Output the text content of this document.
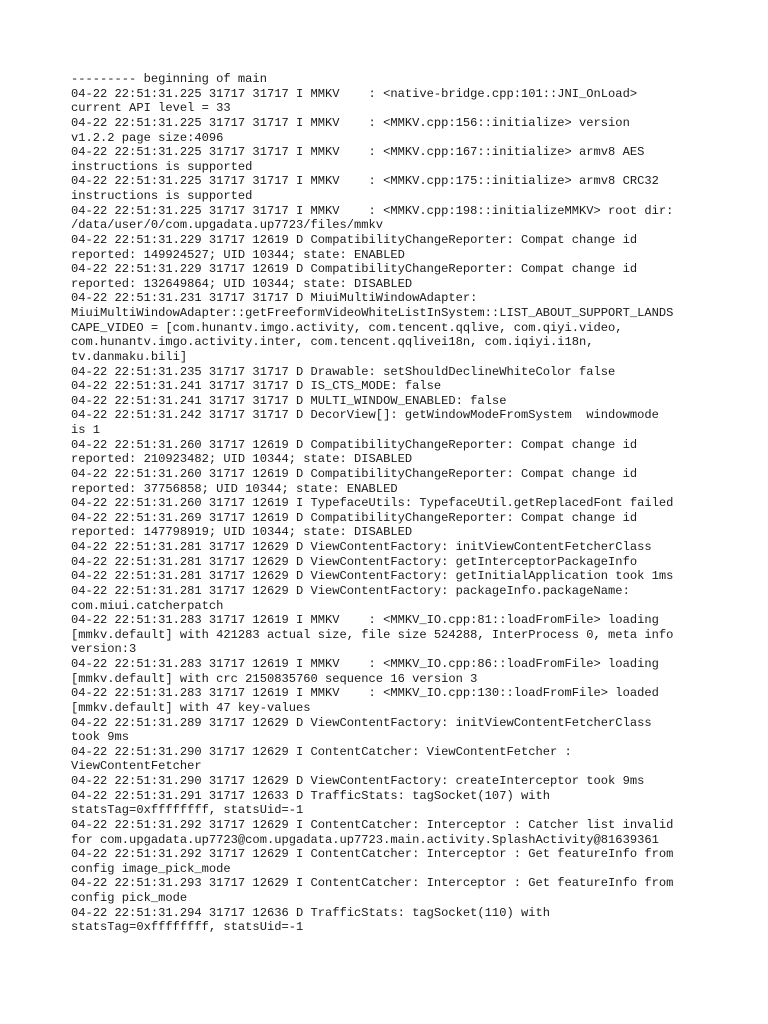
--------- beginning of main
04-22 22:51:31.225 31717 31717 I MMKV    : <native-bridge.cpp:101::JNI_OnLoad>
current API level = 33
04-22 22:51:31.225 31717 31717 I MMKV    : <MMKV.cpp:156::initialize> version
v1.2.2 page size:4096
04-22 22:51:31.225 31717 31717 I MMKV    : <MMKV.cpp:167::initialize> armv8 AES
instructions is supported
04-22 22:51:31.225 31717 31717 I MMKV    : <MMKV.cpp:175::initialize> armv8 CRC32
instructions is supported
04-22 22:51:31.225 31717 31717 I MMKV    : <MMKV.cpp:198::initializeMMKV> root dir:
/data/user/0/com.upgadata.up7723/files/mmkv
04-22 22:51:31.229 31717 12619 D CompatibilityChangeReporter: Compat change id
reported: 149924527; UID 10344; state: ENABLED
04-22 22:51:31.229 31717 12619 D CompatibilityChangeReporter: Compat change id
reported: 132649864; UID 10344; state: DISABLED
04-22 22:51:31.231 31717 31717 D MiuiMultiWindowAdapter:
MiuiMultiWindowAdapter::getFreeformVideoWhiteListInSystem::LIST_ABOUT_SUPPORT_LANDS
CAPE_VIDEO = [com.hunantv.imgo.activity, com.tencent.qqlive, com.qiyi.video,
com.hunantv.imgo.activity.inter, com.tencent.qqlivei18n, com.iqiyi.i18n,
tv.danmaku.bili]
04-22 22:51:31.235 31717 31717 D Drawable: setShouldDeclineWhiteColor false
04-22 22:51:31.241 31717 31717 D IS_CTS_MODE: false
04-22 22:51:31.241 31717 31717 D MULTI_WINDOW_ENABLED: false
04-22 22:51:31.242 31717 31717 D DecorView[]: getWindowModeFromSystem  windowmode
is 1
04-22 22:51:31.260 31717 12619 D CompatibilityChangeReporter: Compat change id
reported: 210923482; UID 10344; state: DISABLED
04-22 22:51:31.260 31717 12619 D CompatibilityChangeReporter: Compat change id
reported: 37756858; UID 10344; state: ENABLED
04-22 22:51:31.260 31717 12619 I TypefaceUtils: TypefaceUtil.getReplacedFont failed
04-22 22:51:31.269 31717 12619 D CompatibilityChangeReporter: Compat change id
reported: 147798919; UID 10344; state: DISABLED
04-22 22:51:31.281 31717 12629 D ViewContentFactory: initViewContentFetcherClass
04-22 22:51:31.281 31717 12629 D ViewContentFactory: getInterceptorPackageInfo
04-22 22:51:31.281 31717 12629 D ViewContentFactory: getInitialApplication took 1ms
04-22 22:51:31.281 31717 12629 D ViewContentFactory: packageInfo.packageName:
com.miui.catcherpatch
04-22 22:51:31.283 31717 12619 I MMKV    : <MMKV_IO.cpp:81::loadFromFile> loading
[mmkv.default] with 421283 actual size, file size 524288, InterProcess 0, meta info
version:3
04-22 22:51:31.283 31717 12619 I MMKV    : <MMKV_IO.cpp:86::loadFromFile> loading
[mmkv.default] with crc 2150835760 sequence 16 version 3
04-22 22:51:31.283 31717 12619 I MMKV    : <MMKV_IO.cpp:130::loadFromFile> loaded
[mmkv.default] with 47 key-values
04-22 22:51:31.289 31717 12629 D ViewContentFactory: initViewContentFetcherClass
took 9ms
04-22 22:51:31.290 31717 12629 I ContentCatcher: ViewContentFetcher :
ViewContentFetcher
04-22 22:51:31.290 31717 12629 D ViewContentFactory: createInterceptor took 9ms
04-22 22:51:31.291 31717 12633 D TrafficStats: tagSocket(107) with
statsTag=0xffffffff, statsUid=-1
04-22 22:51:31.292 31717 12629 I ContentCatcher: Interceptor : Catcher list invalid
for com.upgadata.up7723@com.upgadata.up7723.main.activity.SplashActivity@81639361
04-22 22:51:31.292 31717 12629 I ContentCatcher: Interceptor : Get featureInfo from
config image_pick_mode
04-22 22:51:31.293 31717 12629 I ContentCatcher: Interceptor : Get featureInfo from
config pick_mode
04-22 22:51:31.294 31717 12636 D TrafficStats: tagSocket(110) with
statsTag=0xffffffff, statsUid=-1
